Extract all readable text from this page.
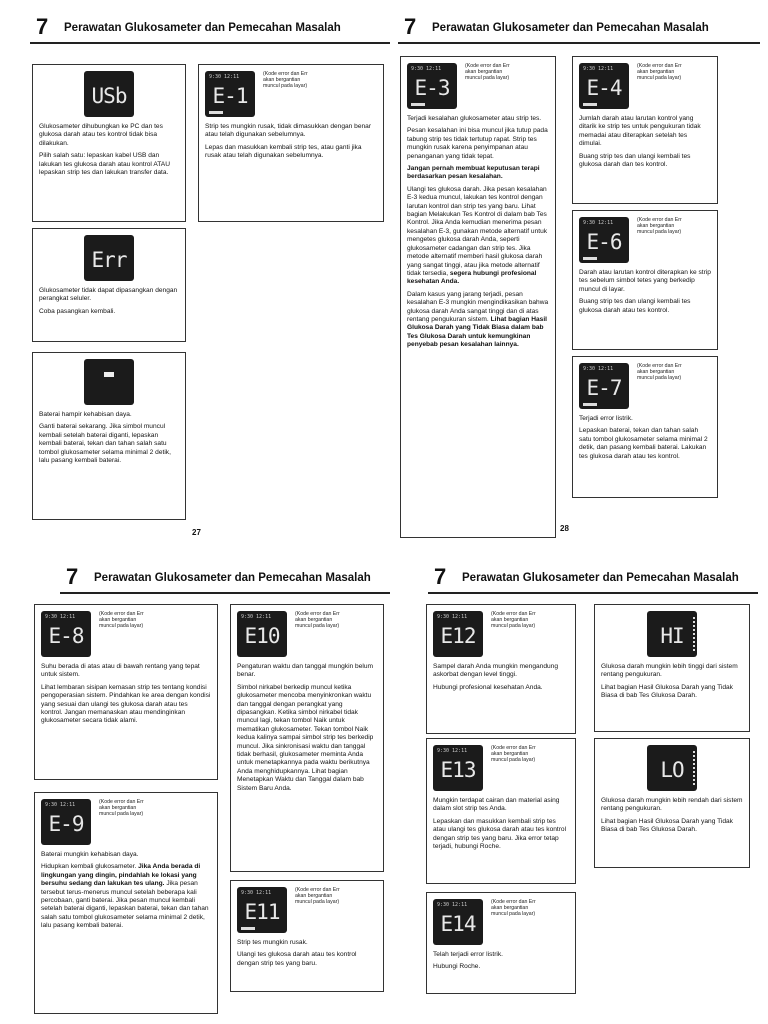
7 Perawatan Glukosameter dan Pemecahan Masalah
USb

Glukosameter dihubungkan ke PC dan tes glukosa darah atau tes kontrol tidak bisa dilakukan.

Pilih salah satu: lepaskan kabel USB dan lakukan tes glukosa darah atau kontrol ATAU lepaskan strip tes dan lakukan transfer data.

9:30 12:11
E-1
(Kode error dan Err akan bergantian muncul pada layar)

Strip tes mungkin rusak, tidak dimasukkan dengan benar atau telah digunakan sebelumnya.

Lepas dan masukkan kembali strip tes, atau ganti jika rusak atau telah digunakan sebelumnya.

Err

Glukosameter tidak dapat dipasangkan dengan perangkat seluler.

Coba pasangkan kembali.

Baterai hampir kehabisan daya.

Ganti baterai sekarang. Jika simbol muncul kembali setelah baterai diganti, lepaskan kembali baterai, tekan dan tahan salah satu tombol glukosameter selama minimal 2 detik, lalu pasang kembali baterai.

27
7 Perawatan Glukosameter dan Pemecahan Masalah
9:30 12:11
E-3
(Kode error dan Err akan bergantian muncul pada layar)

Terjadi kesalahan glukosameter atau strip tes.

Pesan kesalahan ini bisa muncul jika tutup pada tabung strip tes tidak tertutup rapat. Strip tes mungkin rusak karena penyimpanan atau penanganan yang tidak tepat.

Jangan pernah membuat keputusan terapi berdasarkan pesan kesalahan.

Ulangi tes glukosa darah. Jika pesan kesalahan E-3 kedua muncul, lakukan tes kontrol dengan larutan kontrol dan strip tes yang baru. Lihat bagian Melakukan Tes Kontrol di dalam bab Tes Kontrol. Jika Anda kemudian menerima pesan kesalahan E-3, gunakan metode alternatif untuk mengetes glukosa darah Anda, seperti glukosameter cadangan dan strip tes. Jika metode alternatif memberi hasil glukosa darah yang sangat tinggi, atau jika metode alternatif tidak tersedia, segera hubungi profesional kesehatan Anda.

Dalam kasus yang jarang terjadi, pesan kesalahan E-3 mungkin mengindikasikan bahwa glukosa darah Anda sangat tinggi dan di atas rentang pengukuran sistem. Lihat bagian Hasil Glukosa Darah yang Tidak Biasa dalam bab Tes Glukosa Darah untuk kemungkinan penyebab pesan kesalahan lainnya.

9:30 12:11
E-4
(Kode error dan Err akan bergantian muncul pada layar)

Jumlah darah atau larutan kontrol yang ditarik ke strip tes untuk pengukuran tidak memadai atau diterapkan setelah tes dimulai.

Buang strip tes dan ulangi kembali tes glukosa darah dan tes kontrol.

9:30 12:11
E-6
(Kode error dan Err akan bergantian muncul pada layar)

Darah atau larutan kontrol diterapkan ke strip tes sebelum simbol tetes yang berkedip muncul di layar.

Buang strip tes dan ulangi kembali tes glukosa darah atau tes kontrol.

9:30 12:11
E-7
(Kode error dan Err akan bergantian muncul pada layar)

Terjadi error listrik.

Lepaskan baterai, tekan dan tahan salah satu tombol glukosameter selama minimal 2 detik, dan pasang kembali baterai. Lakukan tes glukosa darah atau tes kontrol.

28
7 Perawatan Glukosameter dan Pemecahan Masalah
9:30 12:11
E-8
(Kode error dan Err akan bergantian muncul pada layar)

Suhu berada di atas atau di bawah rentang yang tepat untuk sistem.

Lihat lembaran sisipan kemasan strip tes tentang kondisi pengoperasian sistem. Pindahkan ke area dengan kondisi yang sesuai dan ulangi tes glukosa darah atau tes kontrol. Jangan memanaskan atau mendinginkan glukosameter secara tidak alami.

9:30 12:11
E10
(Kode error dan Err akan bergantian muncul pada layar)

Pengaturan waktu dan tanggal mungkin belum benar.

Simbol nirkabel berkedip muncul ketika glukosameter mencoba menyinkronkan waktu dan tanggal dengan perangkat yang dipasangkan. Ketika simbol nirkabel tidak muncul lagi, tekan tombol Naik untuk mematikan glukosameter. Tekan tombol Naik kedua kalinya sampai simbol strip tes berkedip muncul. Jika sinkronisasi waktu dan tanggal tidak berhasil, glukosameter meminta Anda untuk menetapkannya pada waktu berikutnya Anda menghidupkannya. Lihat bagian Menetapkan Waktu dan Tanggal dalam bab Sistem Baru Anda.

9:30 12:11
E-9
(Kode error dan Err akan bergantian muncul pada layar)

Baterai mungkin kehabisan daya.

Hidupkan kembali glukosameter. Jika Anda berada di lingkungan yang dingin, pindahlah ke lokasi yang bersuhu sedang dan lakukan tes ulang. Jika pesan tersebut terus-menerus muncul setelah beberapa kali percobaan, ganti baterai. Jika pesan muncul kembali setelah baterai diganti, lepaskan baterai, tekan dan tahan salah satu tombol glukosameter selama minimal 2 detik, lalu pasang kembali baterai.

9:30 12:11
E11
(Kode error dan Err akan bergantian muncul pada layar)

Strip tes mungkin rusak.

Ulangi tes glukosa darah atau tes kontrol dengan strip tes yang baru.

7 Perawatan Glukosameter dan Pemecahan Masalah
9:30 12:11
E12
(Kode error dan Err akan bergantian muncul pada layar)

Sampel darah Anda mungkin mengandung askorbat dengan level tinggi.

Hubungi profesional kesehatan Anda.

9:30 12:11
E13
(Kode error dan Err akan bergantian muncul pada layar)

Mungkin terdapat cairan dan material asing dalam slot strip tes Anda.

Lepaskan dan masukkan kembali strip tes atau ulangi tes glukosa darah atau tes kontrol dengan strip tes yang baru. Jika error tetap terjadi, hubungi Roche.

9:30 12:11
E14
(Kode error dan Err akan bergantian muncul pada layar)

Telah terjadi error listrik.

Hubungi Roche.

HI

Glukosa darah mungkin lebih tinggi dari sistem rentang pengukuran.

Lihat bagian Hasil Glukosa Darah yang Tidak Biasa di bab Tes Glukosa Darah.

LO

Glukosa darah mungkin lebih rendah dari sistem rentang pengukuran.

Lihat bagian Hasil Glukosa Darah yang Tidak Biasa di bab Tes Glukosa Darah.
